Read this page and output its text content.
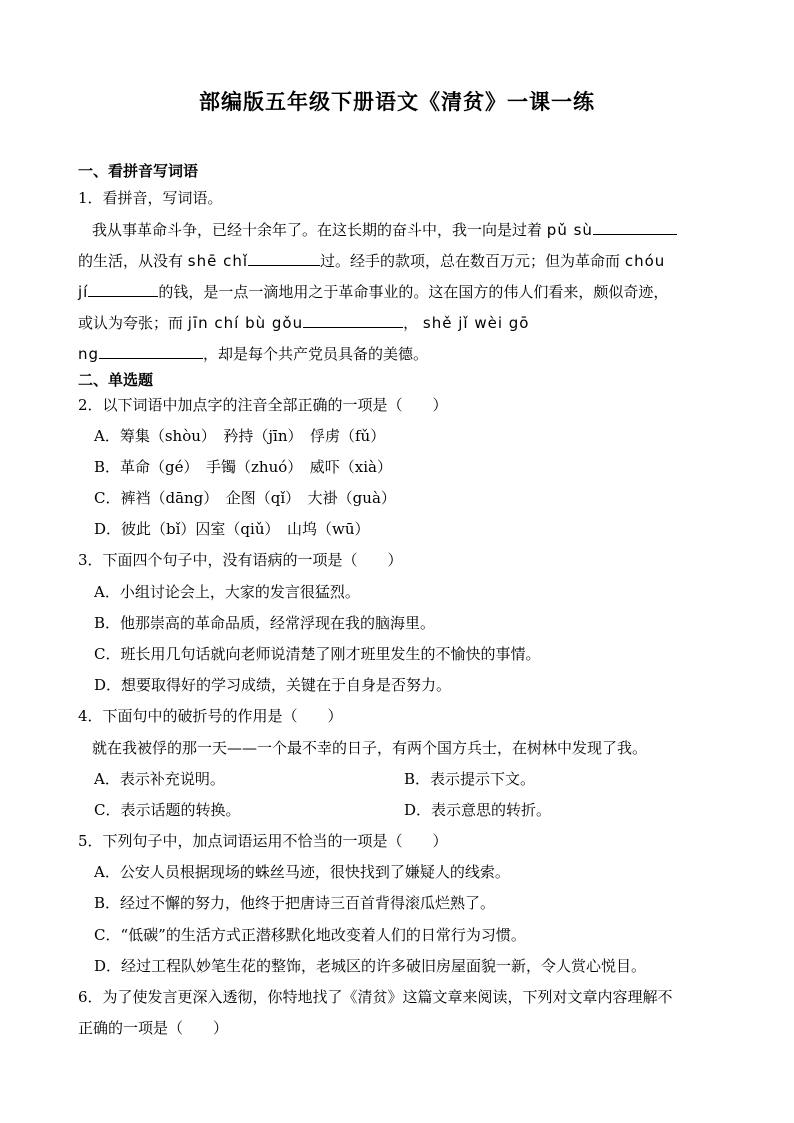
部编版五年级下册语文《清贫》一课一练
一、看拼音写词语
1．看拼音，写词语。
我从事革命斗争，已经十余年了。在这长期的奋斗中，我一向是过着 pǔ sù
的生活，从没有 shē chǐ	过。经手的款项，总在数百万元；但为革命而 chóu
jí	的钱，是一点一滴地用之于革命事业的。这在国方的伟人们看来，颇似奇迹，
或认为夸张；而 jīn chí bù gǒu	， shě jǐ wèi gō
ng	，却是每个共产党员具备的美德。
二、单选题
2．以下词语中加点字的注音全部正确的一项是（　　）
A．筹集（shòu）　矜持（jīn）　俘虏（fǔ）
B．革命（gé）　手镯（zhuó）　威吓（xià）
C．裤裆（dāng）　企图（qǐ）　大褂（guà）
D．彼此（bǐ）囚室（qiǔ）　山坞（wū）
3．下面四个句子中，没有语病的一项是（　　）
A．小组讨论会上，大家的发言很猛烈。
B．他那崇高的革命品质，经常浮现在我的脑海里。
C．班长用几句话就向老师说清楚了刚才班里发生的不愉快的事情。
D．想要取得好的学习成绩，关键在于自身是否努力。
4．下面句中的破折号的作用是（　　）
就在我被俘的那一天——一个最不幸的日子，有两个国方兵士，在树林中发现了我。
A．表示补充说明。	B．表示提示下文。
C．表示话题的转换。	D．表示意思的转折。
5．下列句子中，加点词语运用不恰当的一项是（　　）
A．公安人员根据现场的蛛丝马迹，很快找到了嫌疑人的线索。
B．经过不懈的努力，他终于把唐诗三百首背得滚瓜烂熟了。
C．“低碳”的生活方式正潜移默化地改变着人们的日常行为习惯。
D．经过工程队妙笔生花的整饰，老城区的许多破旧房屋面貌一新，令人赏心悦目。
6．为了使发言更深入透彻，你特地找了《清贫》这篇文章来阅读，下列对文章内容理解不
正确的一项是（　　）
